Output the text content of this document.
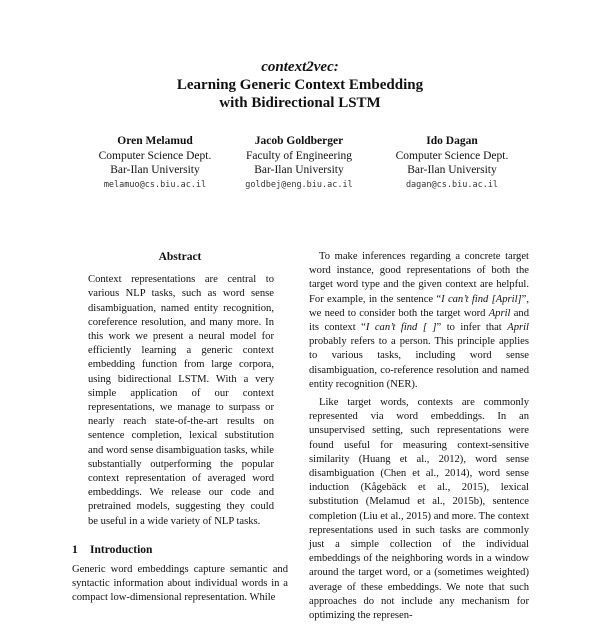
context2vec:
Learning Generic Context Embedding
with Bidirectional LSTM
Oren Melamud
Computer Science Dept.
Bar-Ilan University
melamuo@cs.biu.ac.il
Jacob Goldberger
Faculty of Engineering
Bar-Ilan University
goldbej@eng.biu.ac.il
Ido Dagan
Computer Science Dept.
Bar-Ilan University
dagan@cs.biu.ac.il
Abstract

Context representations are central to various NLP tasks, such as word sense disambiguation, named entity recognition, coreference resolution, and many more. In this work we present a neural model for efficiently learning a generic context embedding function from large corpora, using bidirectional LSTM. With a very simple application of our context representations, we manage to surpass or nearly reach state-of-the-art results on sentence completion, lexical substitution and word sense disambiguation tasks, while substantially outperforming the popular context representation of averaged word embeddings. We release our code and pretrained models, suggesting they could be useful in a wide variety of NLP tasks.

1 Introduction

Generic word embeddings capture semantic and syntactic information about individual words in a compact low-dimensional representation. While

To make inferences regarding a concrete target word instance, good representations of both the target word type and the given context are helpful. For example, in the sentence “I can’t find [April]”, we need to consider both the target word April and its context “I can’t find [ ]” to infer that April probably refers to a person. This principle applies to various tasks, including word sense disambiguation, co-reference resolution and named entity recognition (NER).

Like target words, contexts are commonly represented via word embeddings. In an unsupervised setting, such representations were found useful for measuring context-sensitive similarity (Huang et al., 2012), word sense disambiguation (Chen et al., 2014), word sense induction (Kågebäck et al., 2015), lexical substitution (Melamud et al., 2015b), sentence completion (Liu et al., 2015) and more. The context representations used in such tasks are commonly just a simple collection of the individual embeddings of the neighboring words in a window around the target word, or a (sometimes weighted) average of these embeddings. We note that such approaches do not include any mechanism for optimizing the represen-
